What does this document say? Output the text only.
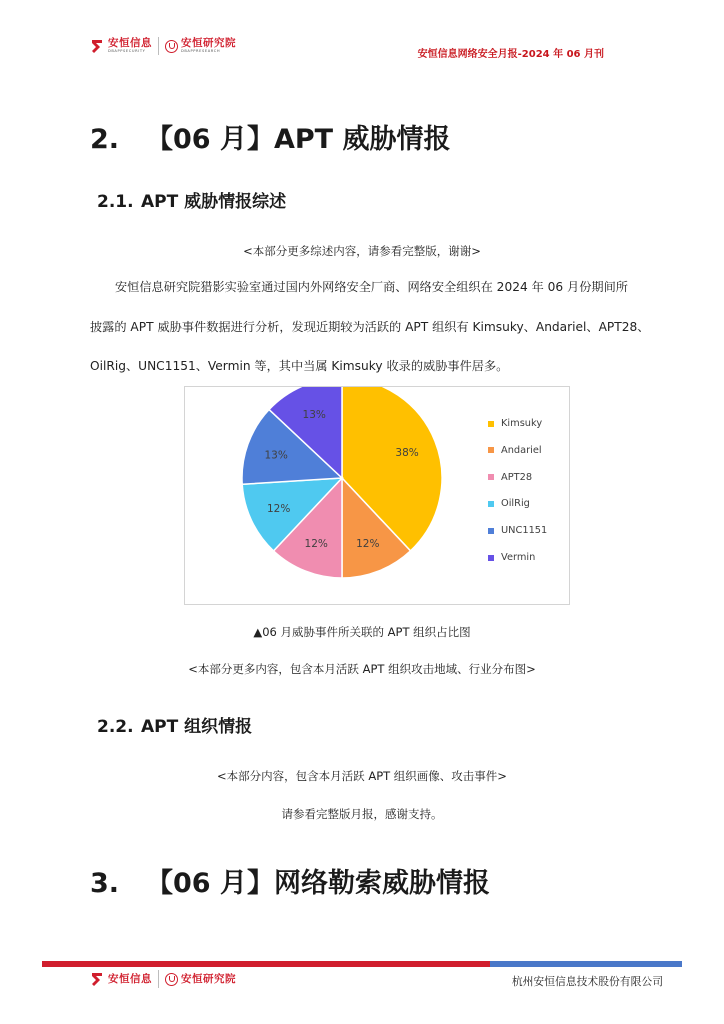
安恒信息
DBAPPSECURITY
安恒研究院
DBAPPRESEARCH	安恒信息网络安全月报-2024 年 06 月刊
2. 【06 月】APT 威胁情报
2.1. APT 威胁情报综述
<本部分更多综述内容，请参看完整版，谢谢>
安恒信息研究院猎影实验室通过国内外网络安全厂商、网络安全组织在 2024 年 06 月份期间所
披露的 APT 威胁事件数据进行分析，发现近期较为活跃的 APT 组织有 Kimsuky、Andariel、APT28、
OilRig、UNC1151、Vermin 等，其中当属 Kimsuky 收录的威胁事件居多。
38%
12%
12%
12%
13%
13%
Kimsuky
Andariel
APT28
OilRig
UNC1151
Vermin
▲06 月威胁事件所关联的 APT 组织占比图
<本部分更多内容，包含本月活跃 APT 组织攻击地域、行业分布图>
2.2. APT 组织情报
<本部分内容，包含本月活跃 APT 组织画像、攻击事件>
请参看完整版月报，感谢支持。
3. 【06 月】网络勒索威胁情报
安恒信息	安恒研究院	杭州安恒信息技术股份有限公司
